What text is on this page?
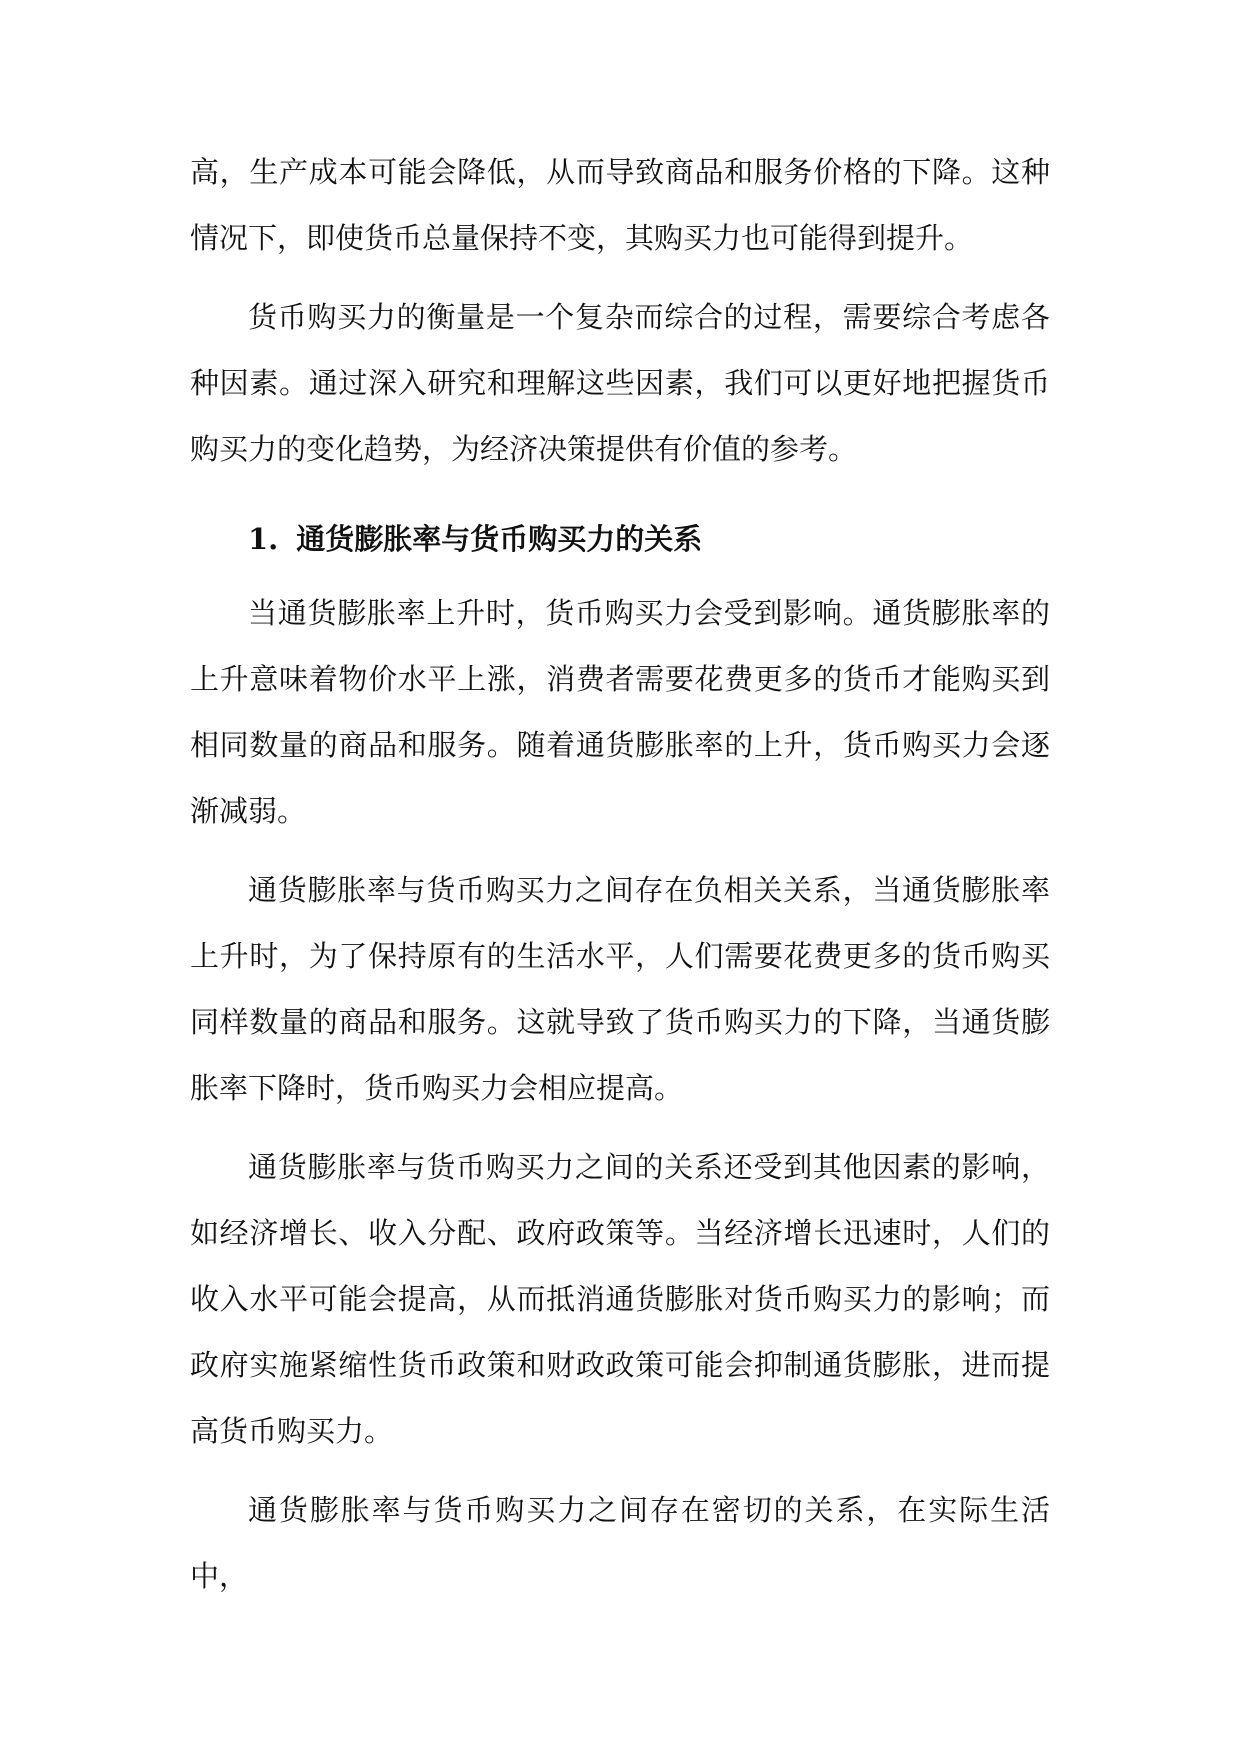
高，生产成本可能会降低，从而导致商品和服务价格的下降。这种情况下，即使货币总量保持不变，其购买力也可能得到提升。

货币购买力的衡量是一个复杂而综合的过程，需要综合考虑各种因素。通过深入研究和理解这些因素，我们可以更好地把握货币购买力的变化趋势，为经济决策提供有价值的参考。

1. 通货膨胀率与货币购买力的关系

当通货膨胀率上升时，货币购买力会受到影响。通货膨胀率的上升意味着物价水平上涨，消费者需要花费更多的货币才能购买到相同数量的商品和服务。随着通货膨胀率的上升，货币购买力会逐渐减弱。

通货膨胀率与货币购买力之间存在负相关关系，当通货膨胀率上升时，为了保持原有的生活水平，人们需要花费更多的货币购买同样数量的商品和服务。这就导致了货币购买力的下降，当通货膨胀率下降时，货币购买力会相应提高。

通货膨胀率与货币购买力之间的关系还受到其他因素的影响，如经济增长、收入分配、政府政策等。当经济增长迅速时，人们的收入水平可能会提高，从而抵消通货膨胀对货币购买力的影响；而政府实施紧缩性货币政策和财政政策可能会抑制通货膨胀，进而提高货币购买力。

通货膨胀率与货币购买力之间存在密切的关系，在实际生活中，
